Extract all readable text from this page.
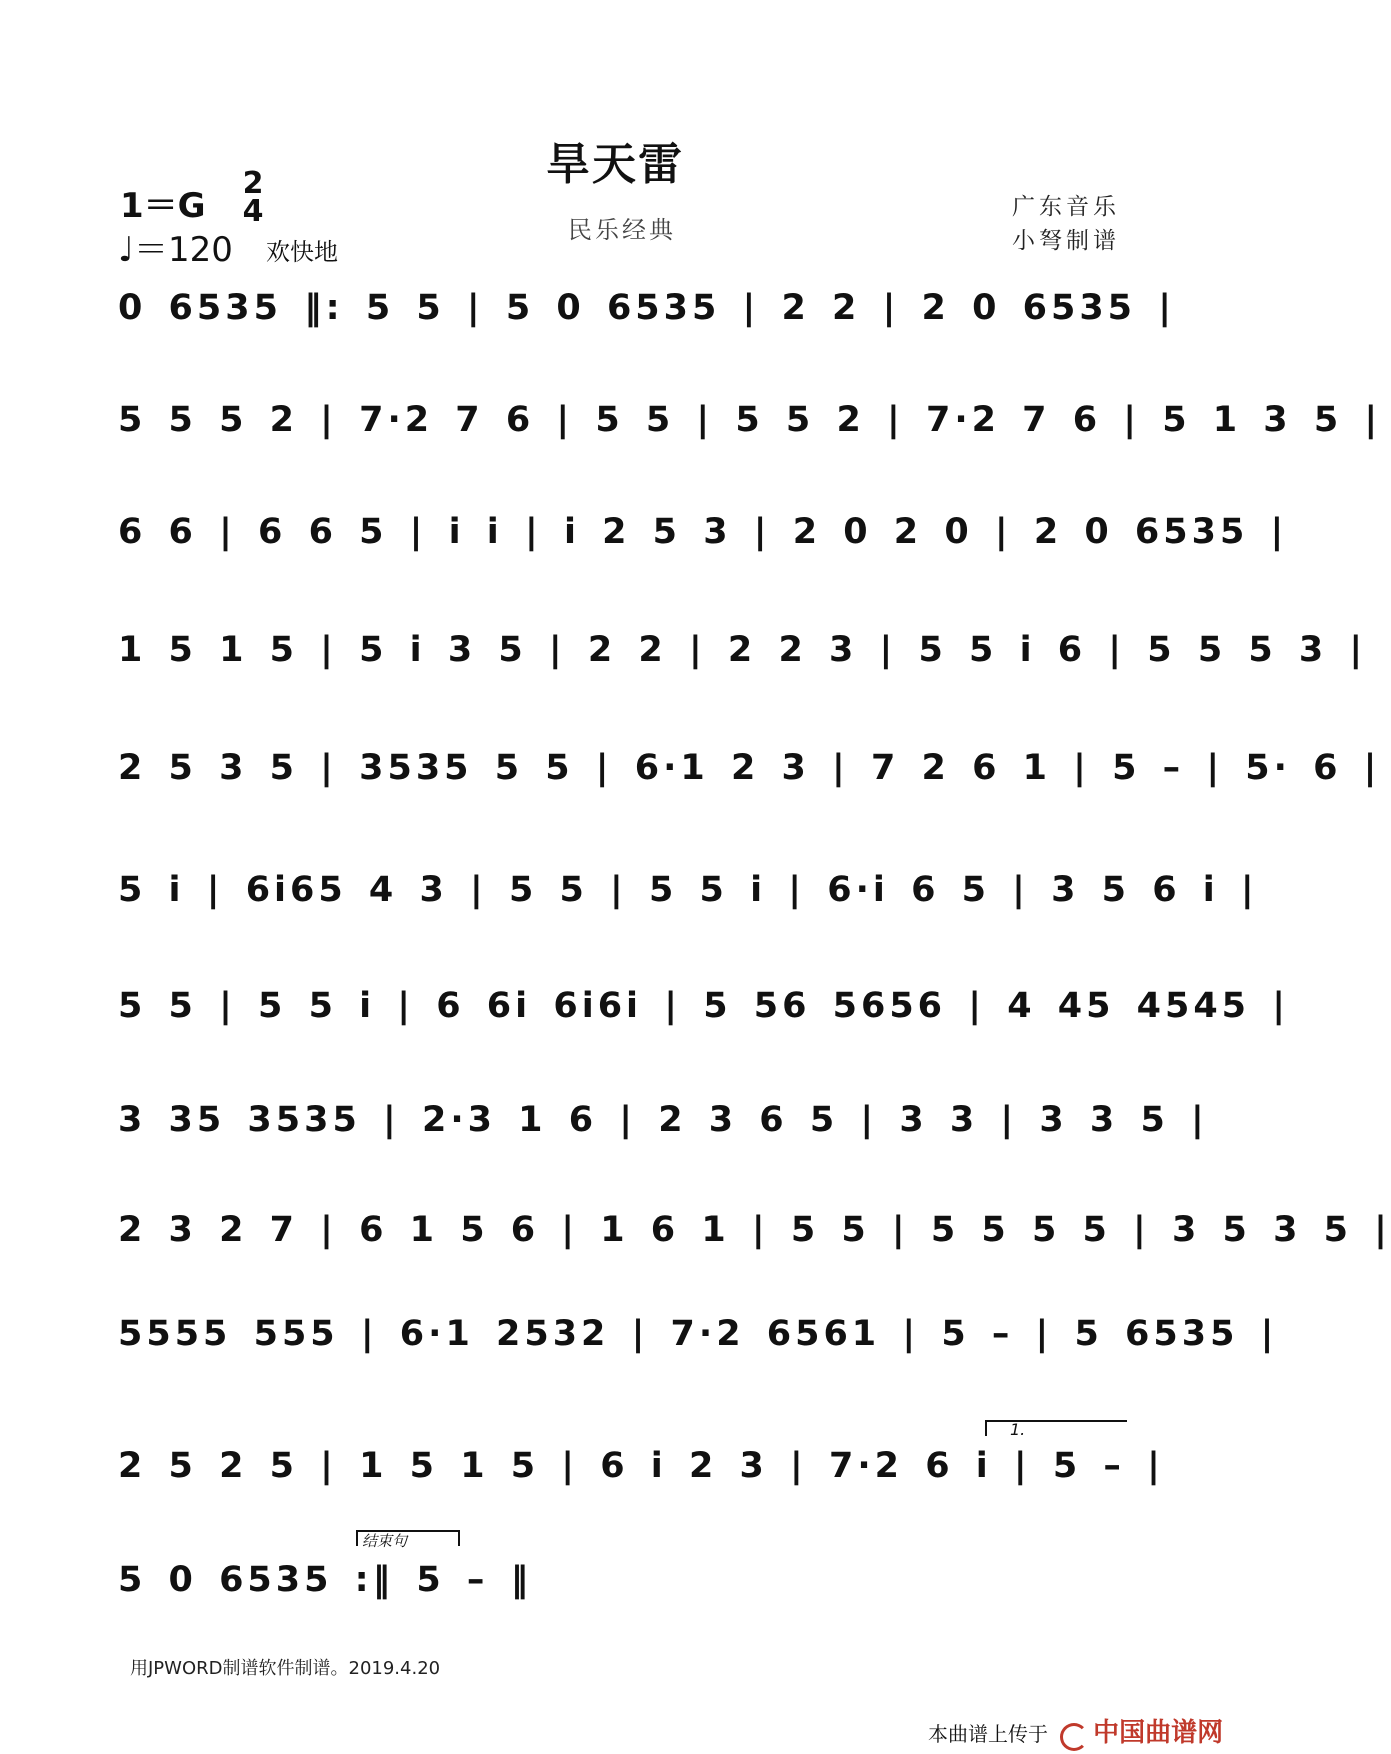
旱天雷
民乐经典
1＝G
2
4
♩＝120 欢快地
广东音乐
小弩制谱
0 6535 ‖: 5 5 | 5 0 6535 | 2 2 | 2 0 6535 |
5 5 5 2 | 7·2 7 6 | 5 5 | 5 5 2 | 7·2 7 6 | 5 1 3 5 |
6 6 | 6 6 5 | i i | i 2 5 3 | 2 0 2 0 | 2 0 6535 |
1 5 1 5 | 5 i 3 5 | 2 2 | 2 2 3 | 5 5 i 6 | 5 5 5 3 |
2 5 3 5 | 3535 5 5 | 6·1 2 3 | 7 2 6 1 | 5 – | 5· 6 |
5 i | 6i65 4 3 | 5 5 | 5 5 i | 6·i 6 5 | 3 5 6 i |
5 5 | 5 5 i | 6 6i 6i6i | 5 56 5656 | 4 45 4545 |
3 35 3535 | 2·3 1 6 | 2 3 6 5 | 3 3 | 3 3 5 |
2 3 2 7 | 6 1 5 6 | 1 6 1 | 5 5 | 5 5 5 5 | 3 5 3 5 |
5555 555 | 6·1 2532 | 7·2 6561 | 5 – | 5 6535 |
2 5 2 5 | 1 5 1 5 | 6 i 2 3 | 7·2 6 i | 5 – |
5 0 6535 :‖ 5 – ‖
1.
结束句
用JPWORD制谱软件制谱。2019.4.20
本曲谱上传于	中国曲谱网
